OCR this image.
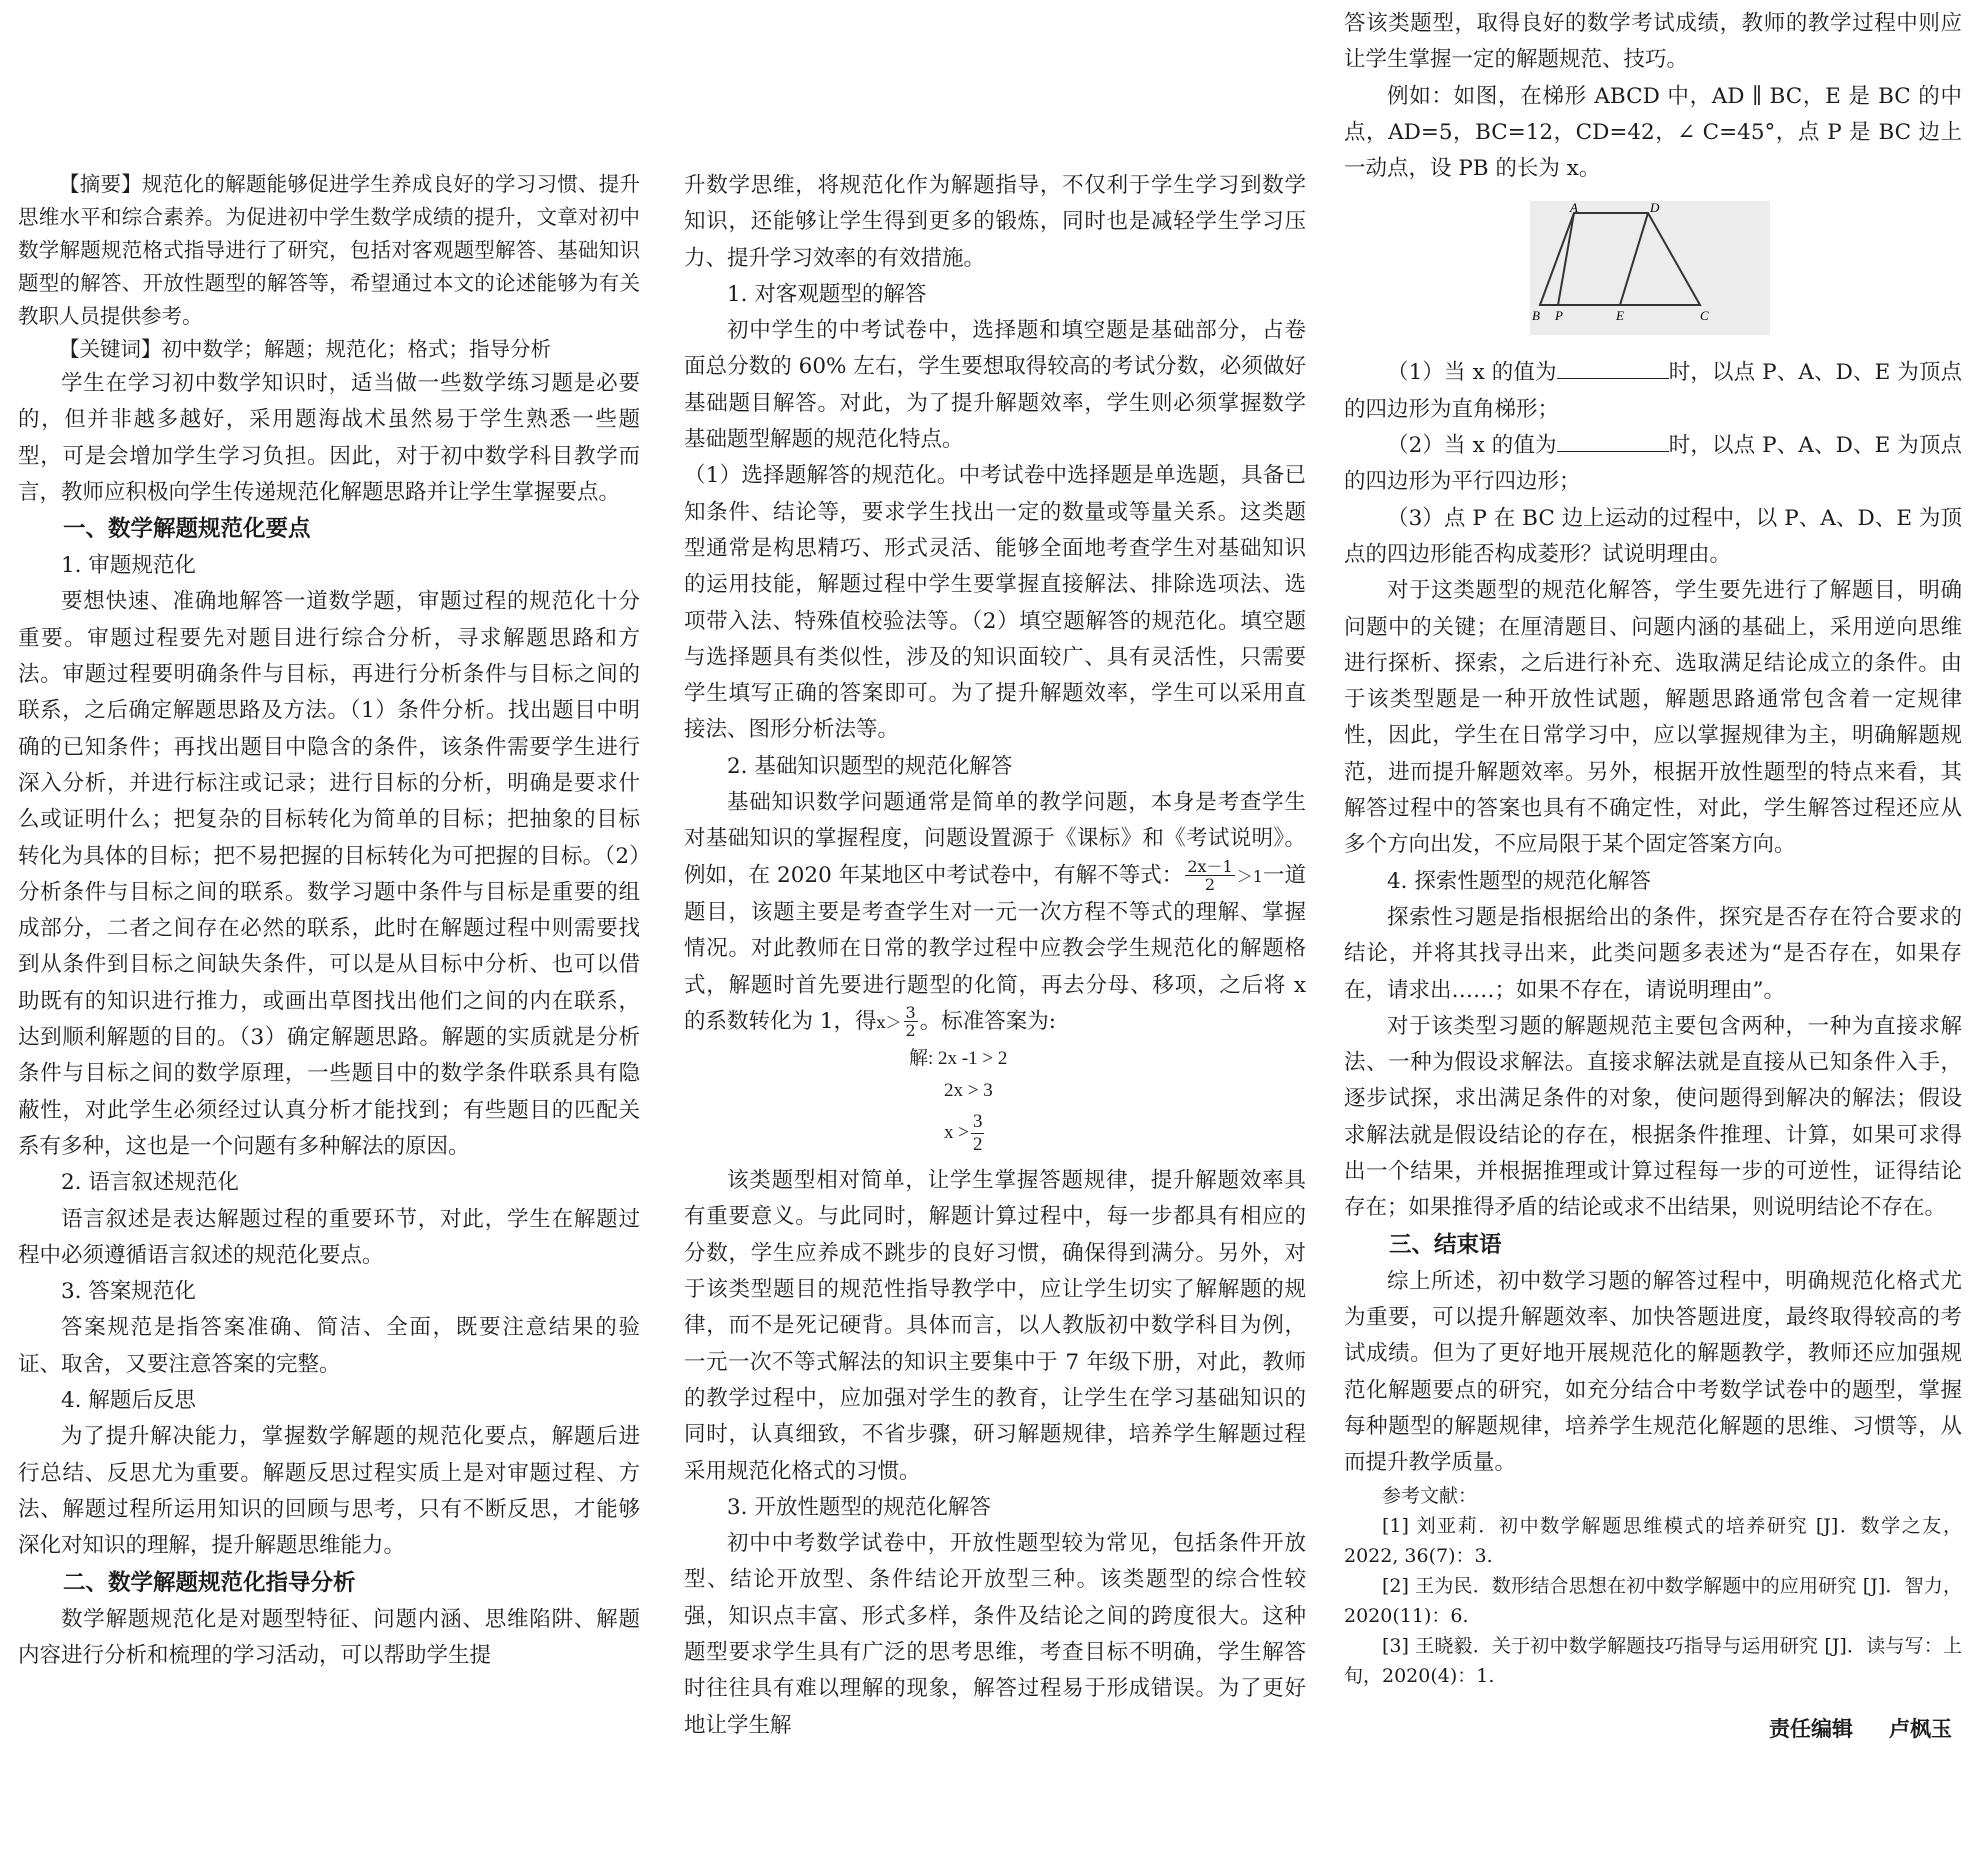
【摘要】规范化的解题能够促进学生养成良好的学习习惯、提升思维水平和综合素养。为促进初中学生数学成绩的提升，文章对初中数学解题规范格式指导进行了研究，包括对客观题型解答、基础知识题型的解答、开放性题型的解答等，希望通过本文的论述能够为有关教职人员提供参考。

【关键词】初中数学；解题；规范化；格式；指导分析

学生在学习初中数学知识时，适当做一些数学练习题是必要的，但并非越多越好，采用题海战术虽然易于学生熟悉一些题型，可是会增加学生学习负担。因此，对于初中数学科目教学而言，教师应积极向学生传递规范化解题思路并让学生掌握要点。

一、数学解题规范化要点
1. 审题规范化

要想快速、准确地解答一道数学题，审题过程的规范化十分重要。审题过程要先对题目进行综合分析，寻求解题思路和方法。审题过程要明确条件与目标，再进行分析条件与目标之间的联系，之后确定解题思路及方法。（1）条件分析。找出题目中明确的已知条件；再找出题目中隐含的条件，该条件需要学生进行深入分析，并进行标注或记录；进行目标的分析，明确是要求什么或证明什么；把复杂的目标转化为简单的目标；把抽象的目标转化为具体的目标；把不易把握的目标转化为可把握的目标。（2）分析条件与目标之间的联系。数学习题中条件与目标是重要的组成部分，二者之间存在必然的联系，此时在解题过程中则需要找到从条件到目标之间缺失条件，可以是从目标中分析、也可以借助既有的知识进行推力，或画出草图找出他们之间的内在联系，达到顺利解题的目的。（3）确定解题思路。解题的实质就是分析条件与目标之间的数学原理，一些题目中的数学条件联系具有隐蔽性，对此学生必须经过认真分析才能找到；有些题目的匹配关系有多种，这也是一个问题有多种解法的原因。

2. 语言叙述规范化

语言叙述是表达解题过程的重要环节，对此，学生在解题过程中必须遵循语言叙述的规范化要点。

3. 答案规范化

答案规范是指答案准确、简洁、全面，既要注意结果的验证、取舍，又要注意答案的完整。

4. 解题后反思

为了提升解决能力，掌握数学解题的规范化要点，解题后进行总结、反思尤为重要。解题反思过程实质上是对审题过程、方法、解题过程所运用知识的回顾与思考，只有不断反思，才能够深化对知识的理解，提升解题思维能力。

二、数学解题规范化指导分析

数学解题规范化是对题型特征、问题内涵、思维陷阱、解题内容进行分析和梳理的学习活动，可以帮助学生提

升数学思维，将规范化作为解题指导，不仅利于学生学习到数学知识，还能够让学生得到更多的锻炼，同时也是减轻学生学习压力、提升学习效率的有效措施。

1. 对客观题型的解答

初中学生的中考试卷中，选择题和填空题是基础部分，占卷面总分数的 60% 左右，学生要想取得较高的考试分数，必须做好基础题目解答。对此，为了提升解题效率，学生则必须掌握数学基础题型解题的规范化特点。

（1）选择题解答的规范化。中考试卷中选择题是单选题，具备已知条件、结论等，要求学生找出一定的数量或等量关系。这类题型通常是构思精巧、形式灵活、能够全面地考查学生对基础知识的运用技能，解题过程中学生要掌握直接解法、排除选项法、选项带入法、特殊值校验法等。（2）填空题解答的规范化。填空题与选择题具有类似性，涉及的知识面较广、具有灵活性，只需要学生填写正确的答案即可。为了提升解题效率，学生可以采用直接法、图形分析法等。

2. 基础知识题型的规范化解答

基础知识数学问题通常是简单的教学问题，本身是考查学生对基础知识的掌握程度，问题设置源于《课标》和《考试说明》。例如，在 2020 年某地区中考试卷中，有解不等式： $\frac{2x-1}{2} >1$一道题目，该题主要是考查学生对一元一次方程不等式的理解、掌握情况。对此教师在日常的教学过程中应教会学生规范化的解题格式，解题时首先要进行题型的化简，再去分母、移项，之后将 x 的系数转化为 1，得$x> \frac{3}{2}$ 。标准答案为:

解: 2x -1 > 2
2x > 3
$x > \frac{3}{2}$

该类题型相对简单，让学生掌握答题规律，提升解题效率具有重要意义。与此同时，解题计算过程中，每一步都具有相应的分数，学生应养成不跳步的良好习惯，确保得到满分。另外，对于该类型题目的规范性指导教学中，应让学生切实了解解题的规律，而不是死记硬背。具体而言，以人教版初中数学科目为例，一元一次不等式解法的知识主要集中于 7 年级下册，对此，教师的教学过程中，应加强对学生的教育，让学生在学习基础知识的同时，认真细致，不省步骤，研习解题规律，培养学生解题过程采用规范化格式的习惯。

3. 开放性题型的规范化解答

初中中考数学试卷中，开放性题型较为常见，包括条件开放型、结论开放型、条件结论开放型三种。该类题型的综合性较强，知识点丰富、形式多样，条件及结论之间的跨度很大。这种题型要求学生具有广泛的思考思维，考查目标不明确，学生解答时往往具有难以理解的现象，解答过程易于形成错误。为了更好地让学生解

答该类题型，取得良好的数学考试成绩，教师的教学过程中则应让学生掌握一定的解题规范、技巧。

例如：如图，在梯形 ABCD 中，AD ∥ BC，E 是 BC 的中点，AD=5，BC=12，CD=42，∠ C=45°，点 P 是 BC 边上一动点，设 PB 的长为 x。

A	D
B P	E	C

（1）当 x 的值为	时，以点 P、A、D、E 为顶点的四边形为直角梯形；

（2）当 x 的值为	时，以点 P、A、D、E 为顶点的四边形为平行四边形；

（3）点 P 在 BC 边上运动的过程中，以 P、A、D、E 为顶点的四边形能否构成菱形？试说明理由。

对于这类题型的规范化解答，学生要先进行了解题目，明确问题中的关键；在厘清题目、问题内涵的基础上，采用逆向思维进行探析、探索，之后进行补充、选取满足结论成立的条件。由于该类型题是一种开放性试题，解题思路通常包含着一定规律性，因此，学生在日常学习中，应以掌握规律为主，明确解题规范，进而提升解题效率。另外，根据开放性题型的特点来看，其解答过程中的答案也具有不确定性，对此，学生解答过程还应从多个方向出发，不应局限于某个固定答案方向。

4. 探索性题型的规范化解答

探索性习题是指根据给出的条件，探究是否存在符合要求的结论，并将其找寻出来，此类问题多表述为“是否存在，如果存在，请求出……；如果不存在，请说明理由”。

对于该类型习题的解题规范主要包含两种，一种为直接求解法、一种为假设求解法。直接求解法就是直接从已知条件入手，逐步试探，求出满足条件的对象，使问题得到解决的解法；假设求解法就是假设结论的存在，根据条件推理、计算，如果可求得出一个结果，并根据推理或计算过程每一步的可逆性，证得结论存在；如果推得矛盾的结论或求不出结果，则说明结论不存在。

三、结束语

综上所述，初中数学习题的解答过程中，明确规范化格式尤为重要，可以提升解题效率、加快答题进度，最终取得较高的考试成绩。但为了更好地开展规范化的解题教学，教师还应加强规范化解题要点的研究，如充分结合中考数学试卷中的题型，掌握每种题型的解题规律，培养学生规范化解题的思维、习惯等，从而提升教学质量。

参考文献：

[1] 刘亚莉．初中数学解题思维模式的培养研究 [J]．数学之友，2022, 36(7)：3.

[2] 王为民．数形结合思想在初中数学解题中的应用研究 [J]．智力，2020(11)：6.

[3] 王晓毅．关于初中数学解题技巧指导与运用研究 [J]．读与写：上旬，2020(4)：1.

责任编辑 卢枫玉
